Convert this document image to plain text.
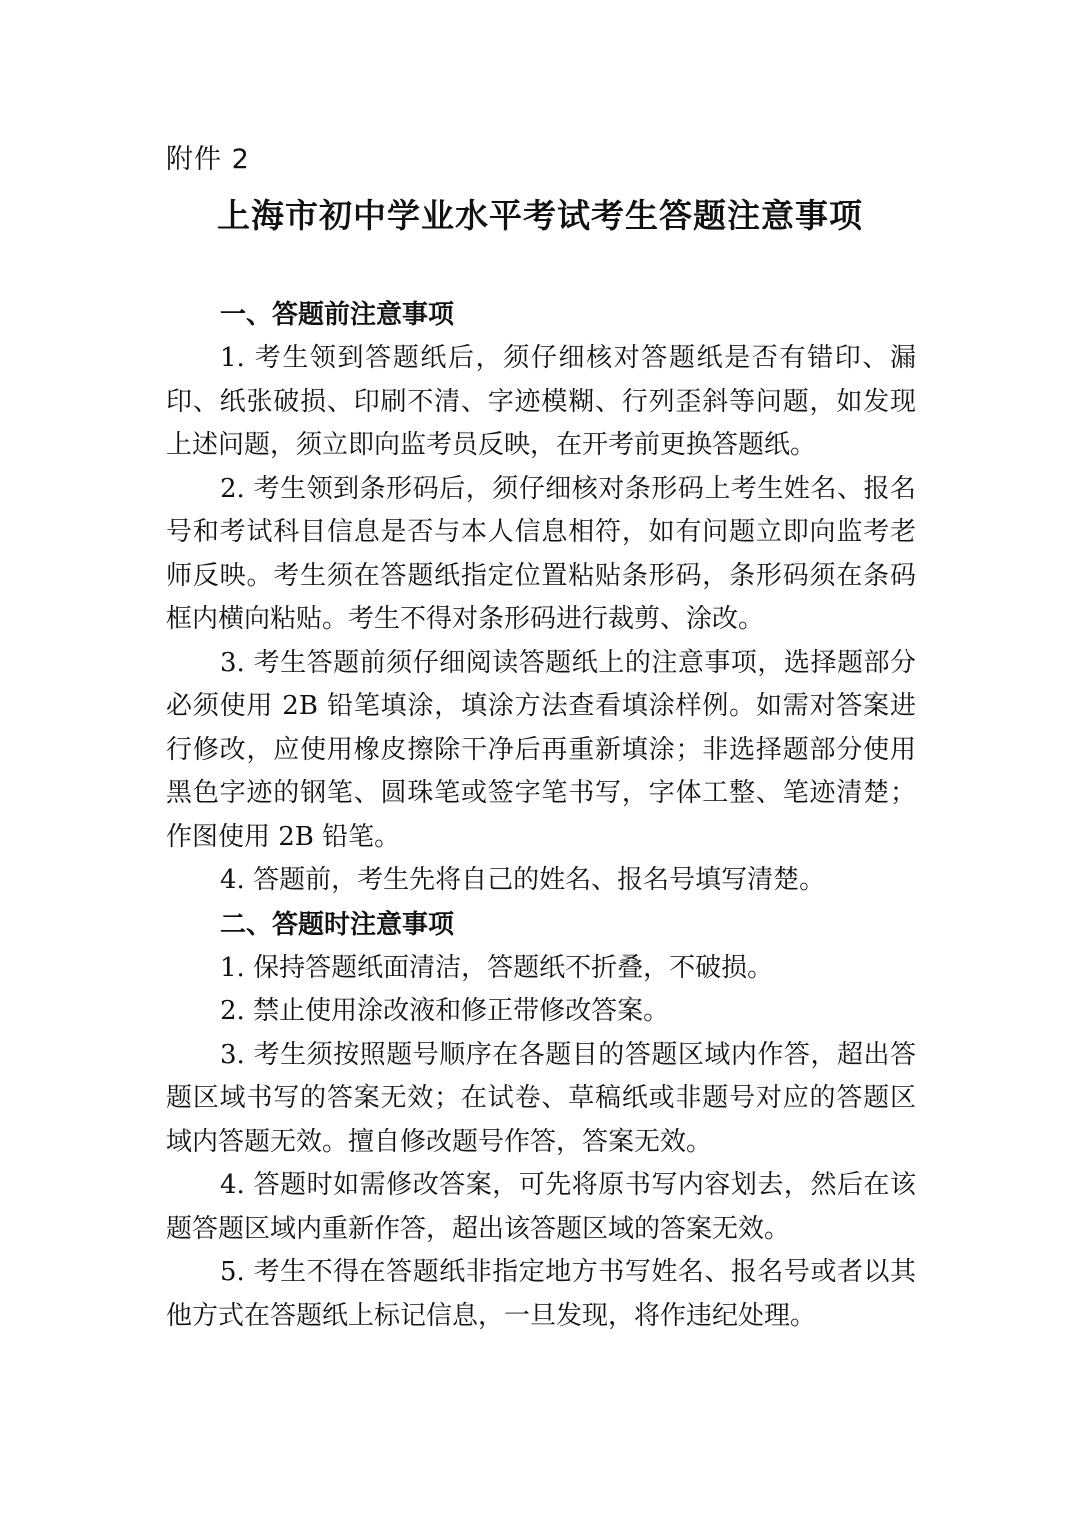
附件 2
上海市初中学业水平考试考生答题注意事项
一、答题前注意事项

1. 考生领到答题纸后，须仔细核对答题纸是否有错印、漏印、纸张破损、印刷不清、字迹模糊、行列歪斜等问题，如发现上述问题，须立即向监考员反映，在开考前更换答题纸。

2. 考生领到条形码后，须仔细核对条形码上考生姓名、报名号和考试科目信息是否与本人信息相符，如有问题立即向监考老师反映。考生须在答题纸指定位置粘贴条形码，条形码须在条码框内横向粘贴。考生不得对条形码进行裁剪、涂改。

3. 考生答题前须仔细阅读答题纸上的注意事项，选择题部分必须使用 2B 铅笔填涂，填涂方法查看填涂样例。如需对答案进行修改，应使用橡皮擦除干净后再重新填涂；非选择题部分使用黑色字迹的钢笔、圆珠笔或签字笔书写，字体工整、笔迹清楚；作图使用 2B 铅笔。

4. 答题前，考生先将自己的姓名、报名号填写清楚。

二、答题时注意事项

1. 保持答题纸面清洁，答题纸不折叠，不破损。

2. 禁止使用涂改液和修正带修改答案。

3. 考生须按照题号顺序在各题目的答题区域内作答，超出答题区域书写的答案无效；在试卷、草稿纸或非题号对应的答题区域内答题无效。擅自修改题号作答，答案无效。

4. 答题时如需修改答案，可先将原书写内容划去，然后在该题答题区域内重新作答，超出该答题区域的答案无效。

5. 考生不得在答题纸非指定地方书写姓名、报名号或者以其他方式在答题纸上标记信息，一旦发现，将作违纪处理。
